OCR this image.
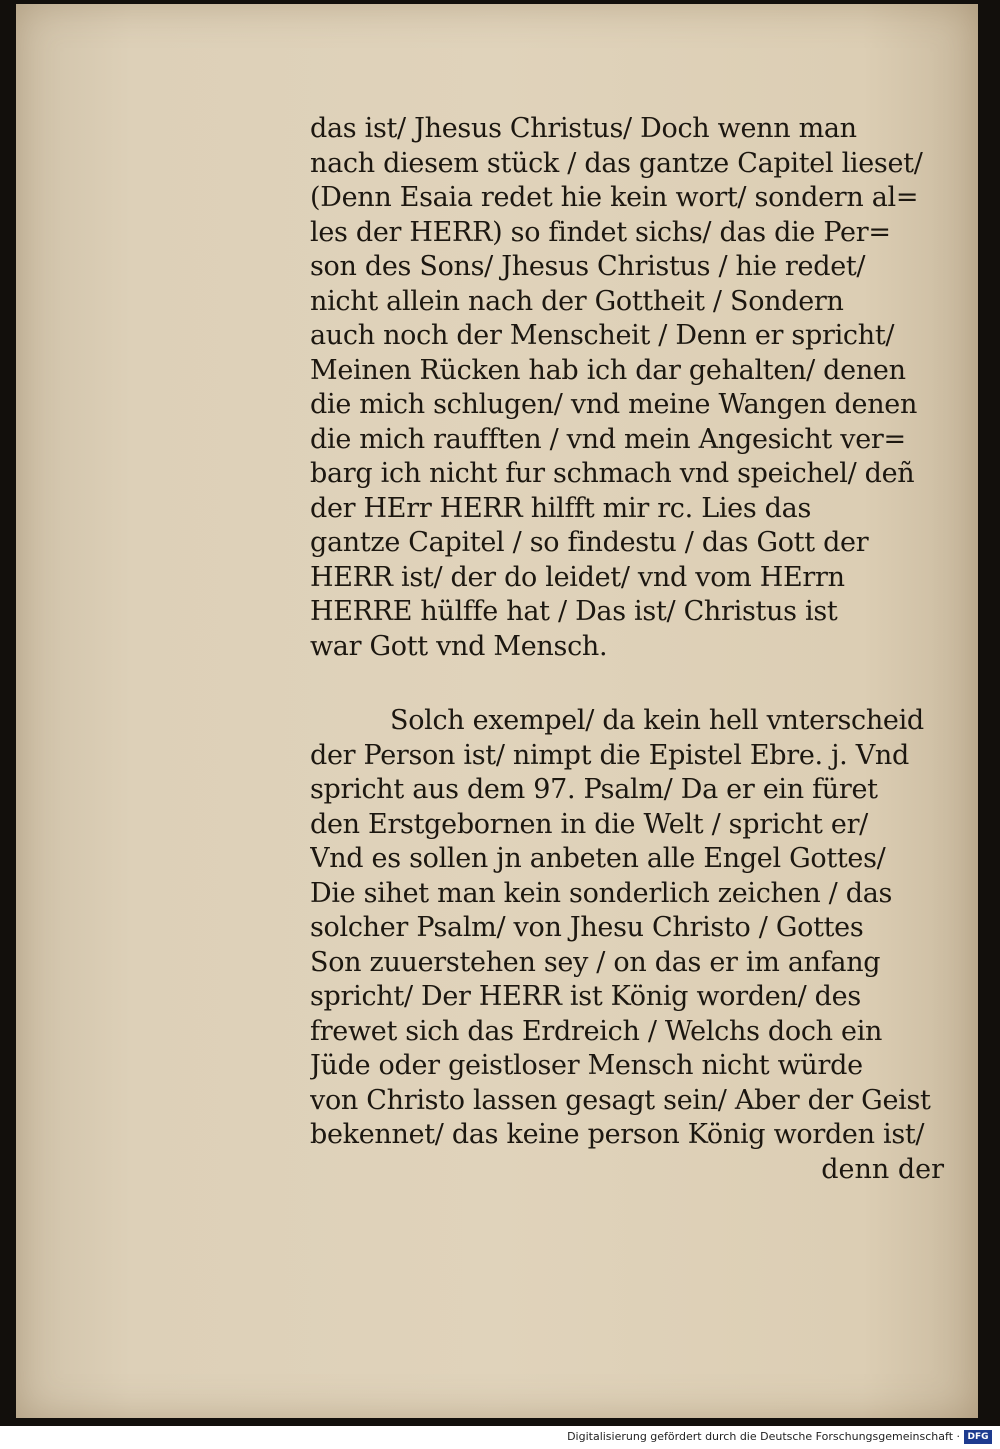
das ist/ Jhesus Christus/ Doch wenn man
nach diesem stück / das gantze Capitel lieset/
(Denn Esaia redet hie kein wort/ sondern al=
les der HERR) so findet sichs/ das die Per=
son des Sons/ Jhesus Christus / hie redet/
nicht allein nach der Gottheit / Sondern
auch noch der Menscheit / Denn er spricht/
Meinen Rücken hab ich dar gehalten/ denen
die mich schlugen/ vnd meine Wangen denen
die mich raufften / vnd mein Angesicht ver=
barg ich nicht fur schmach vnd speichel/ deñ
der HErr HERR hilfft mir rc. Lies das
gantze Capitel / so findestu / das Gott der
HERR ist/ der do leidet/ vnd vom HErrn
HERRE hülffe hat / Das ist/ Christus ist
war Gott vnd Mensch.
Solch exempel/ da kein hell vnterscheid
der Person ist/ nimpt die Epistel Ebre. j. Vnd
spricht aus dem 97. Psalm/ Da er ein füret
den Erstgebornen in die Welt / spricht er/
Vnd es sollen jn anbeten alle Engel Gottes/
Die sihet man kein sonderlich zeichen / das
solcher Psalm/ von Jhesu Christo / Gottes
Son zuuerstehen sey / on das er im anfang
spricht/ Der HERR ist König worden/ des
frewet sich das Erdreich / Welchs doch ein
Jüde oder geistloser Mensch nicht würde
von Christo lassen gesagt sein/ Aber der Geist
bekennet/ das keine person König worden ist/
denn der
Digitalisierung gefördert durch die Deutsche Forschungsgemeinschaft · DFG
